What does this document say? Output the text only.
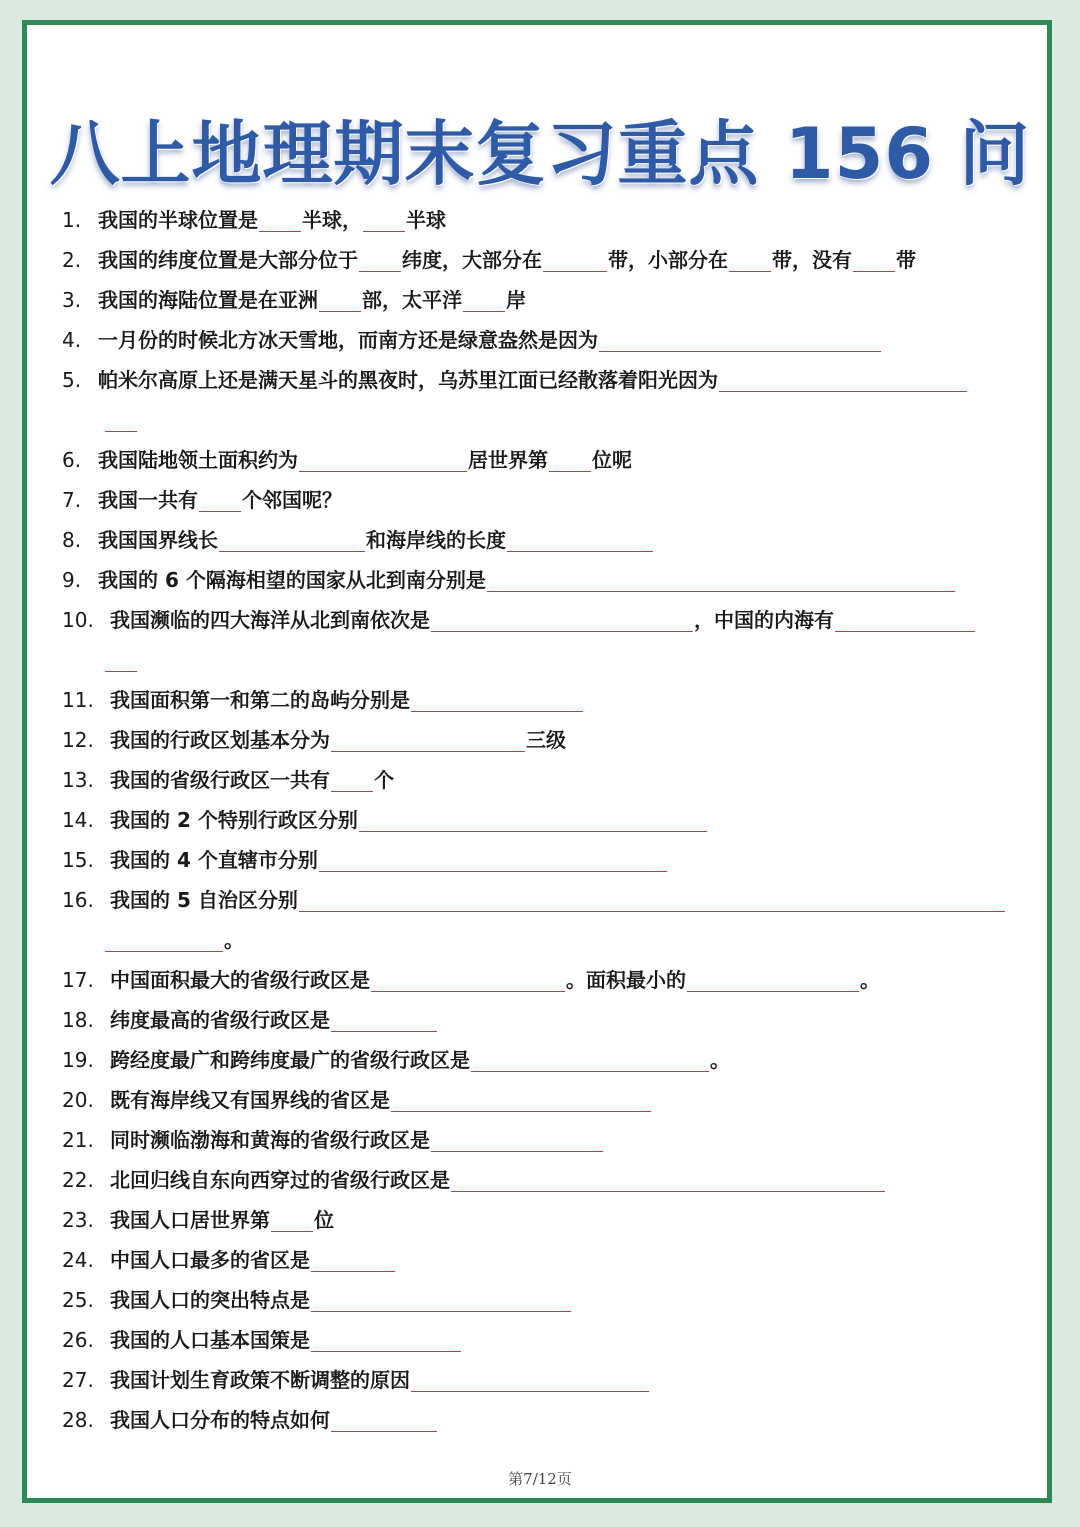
八上地理期末复习重点 156 问
1. 我国的半球位置是 半球， 半球
2. 我国的纬度位置是大部分位于 纬度，大部分在	带，小部分在 带，没有 带
3. 我国的海陆位置是在亚洲 部，太平洋 岸
4. 一月份的时候北方冰天雪地，而南方还是绿意盎然是因为
5. 帕米尔高原上还是满天星斗的黑夜时，乌苏里江面已经散落着阳光因为
6. 我国陆地领土面积约为	居世界第 位呢
7. 我国一共有 个邻国呢？
8. 我国国界线长	和海岸线的长度
9. 我国的 6 个隔海相望的国家从北到南分别是
10. 我国濒临的四大海洋从北到南依次是	，中国的内海有
11. 我国面积第一和第二的岛屿分别是
12. 我国的行政区划基本分为	三级
13. 我国的省级行政区一共有 个
14. 我国的 2 个特别行政区分别
15. 我国的 4 个直辖市分别
16. 我国的 5 自治区分别
。
17. 中国面积最大的省级行政区是	。面积最小的	。
18. 纬度最高的省级行政区是
19. 跨经度最广和跨纬度最广的省级行政区是	。
20. 既有海岸线又有国界线的省区是
21. 同时濒临渤海和黄海的省级行政区是
22. 北回归线自东向西穿过的省级行政区是
23. 我国人口居世界第 位
24. 中国人口最多的省区是
25. 我国人口的突出特点是
26. 我国的人口基本国策是
27. 我国计划生育政策不断调整的原因
28. 我国人口分布的特点如何
第7/12页
